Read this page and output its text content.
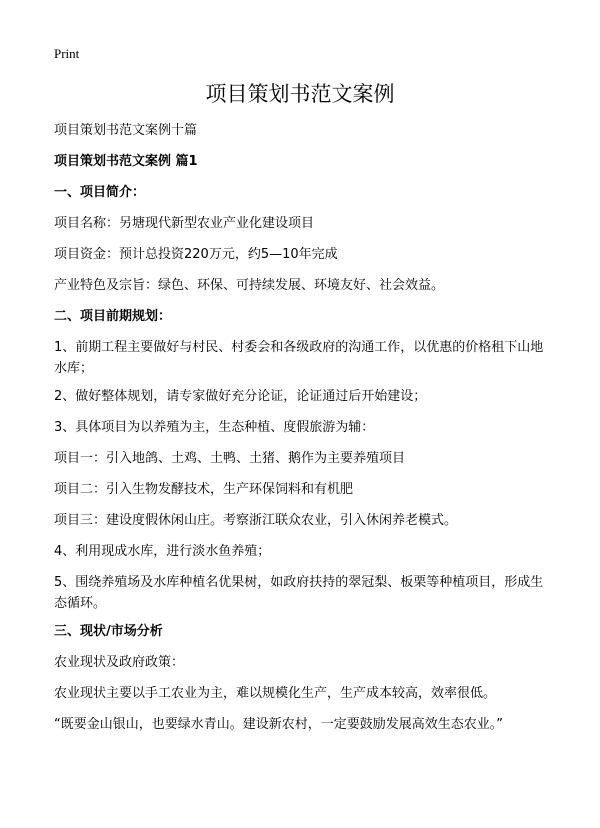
Print
项目策划书范文案例

项目策划书范文案例十篇

项目策划书范文案例 篇1

一、项目简介：

项目名称：另塘现代新型农业产业化建设项目

项目资金：预计总投资220万元，约5—10年完成

产业特色及宗旨：绿色、环保、可持续发展、环境友好、社会效益。

二、项目前期规划：

1、前期工程主要做好与村民、村委会和各级政府的沟通工作，以优惠的价格租下山地水库；

2、做好整体规划，请专家做好充分论证，论证通过后开始建设；

3、具体项目为以养殖为主，生态种植、度假旅游为辅：

项目一：引入地鸽、土鸡、土鸭、土猪、鹅作为主要养殖项目

项目二：引入生物发酵技术，生产环保饲料和有机肥

项目三：建设度假休闲山庄。考察浙江联众农业，引入休闲养老模式。

4、利用现成水库，进行淡水鱼养殖；

5、围绕养殖场及水库种植名优果树，如政府扶持的翠冠梨、板栗等种植项目，形成生态循环。

三、现状/市场分析

农业现状及政府政策：

农业现状主要以手工农业为主，难以规模化生产，生产成本较高，效率很低。

“既要金山银山，也要绿水青山。建设新农村，一定要鼓励发展高效生态农业。”
